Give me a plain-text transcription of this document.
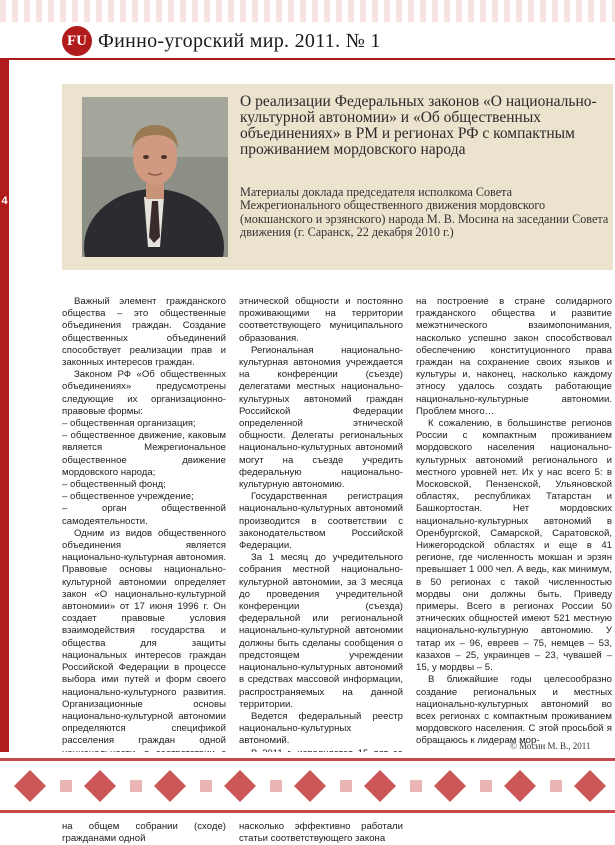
FU Финно-угорский мир. 2011. № 1
4
О реализации Федеральных законов «О национально-культурной автономии» и «Об общественных объединениях» в РМ и регионах РФ с компактным проживанием мордовского народа

Материалы доклада председателя исполкома Совета Межрегионального общественного движения мордовского (мокшанского и эрзянского) народа М. В. Мосина на заседании Совета движения (г. Саранск, 22 декабря 2010 г.)

Важный элемент гражданского общества – это общественные объединения граждан. Создание общественных объединений способствует реализации прав и законных интересов граждан.

Законом РФ «Об общественных объединениях» предусмотрены следующие их организационно-правовые формы:

– общественная организация;

– общественное движение, каковым является Межрегиональное общественное движение мордовского народа;

– общественный фонд;

– общественное учреждение;

– орган общественной самодеятельности.

Одним из видов общественного объединения является национально-культурная автономия. Правовые основы национально-культурной автономии определяет закон «О национально-культурной автономии» от 17 июня 1996 г. Он создает правовые условия взаимодействия государства и общества для защиты национальных интересов граждан Российской Федерации в процессе выбора ими путей и форм своего национально-культурного развития. Организационные основы национально-культурной автономии определяются спецификой расселения граждан одной

на общем собрании (сходе) гражданами одной

этнической общности и постоянно проживающими на территории соответствующего муниципального образования.

Региональная национально-культурная автономия учреждается на конференции (съезде) делегатами местных национально-культурных автономий граждан Российской Федерации определенной этнической общности. Делегаты региональных национально-культурных автономий могут на съезде учредить федеральную национально-культурную автономию.

Государственная регистрация национально-культурных автономий производится в соответствии с законодательством Российской Федерации.

За 1 месяц до учредительного собрания местной национально-культурной автономии, за 3 месяца до проведения учредительной конференции (съезда) федеральной или региональной национально-культурной автономии должны быть сделаны сообщения о предстоящем учреждении национально-культурных автономий в средствах массовой информации, распространяемых на данной территории.

Ведется федеральный реестр национально-культурных автономий.

насколько эффективно работали статьи соответствующего закона

на построение в стране солидарного гражданского общества и развитие межэтнического взаимопонимания, насколько успешно закон способствовал обеспечению конституционного права граждан на сохранение своих языков и культуры и, наконец, насколько каждому этносу удалось создать работающие национально-культурные автономии. Проблем много…

К сожалению, в большинстве регионов России с компактным проживанием мордовского населения национально-культурных автономий регионального и местного уровней нет. Их у нас всего 5: в Московской, Пензенской, Ульяновской областях, республиках Татарстан и Башкортостан. Нет мордовских национально-культурных автономий в Оренбургской, Самарской, Саратовской, Нижегородской областях и еще в 41 регионе, где численность мокшан и эрзян превышает 1 000 чел. А ведь, как минимум, в 50 регионах с такой численностью мордвы они должны быть. Приведу примеры. Всего в регионах России 50 этнических общностей имеют 521 местную национально-культурную автономию. У татар их – 96, евреев – 75, немцев – 53, казахов – 25, украинцев – 23, чувашей – 15, у мордвы – 5.

В ближайшие годы целесообразно создание региональных и местных национально-культурных автономий во всех регионах с компактным проживанием мордовского населения. С этой просьбой я обращаюсь к лидерам мор-

© Мосин М. В., 2011
